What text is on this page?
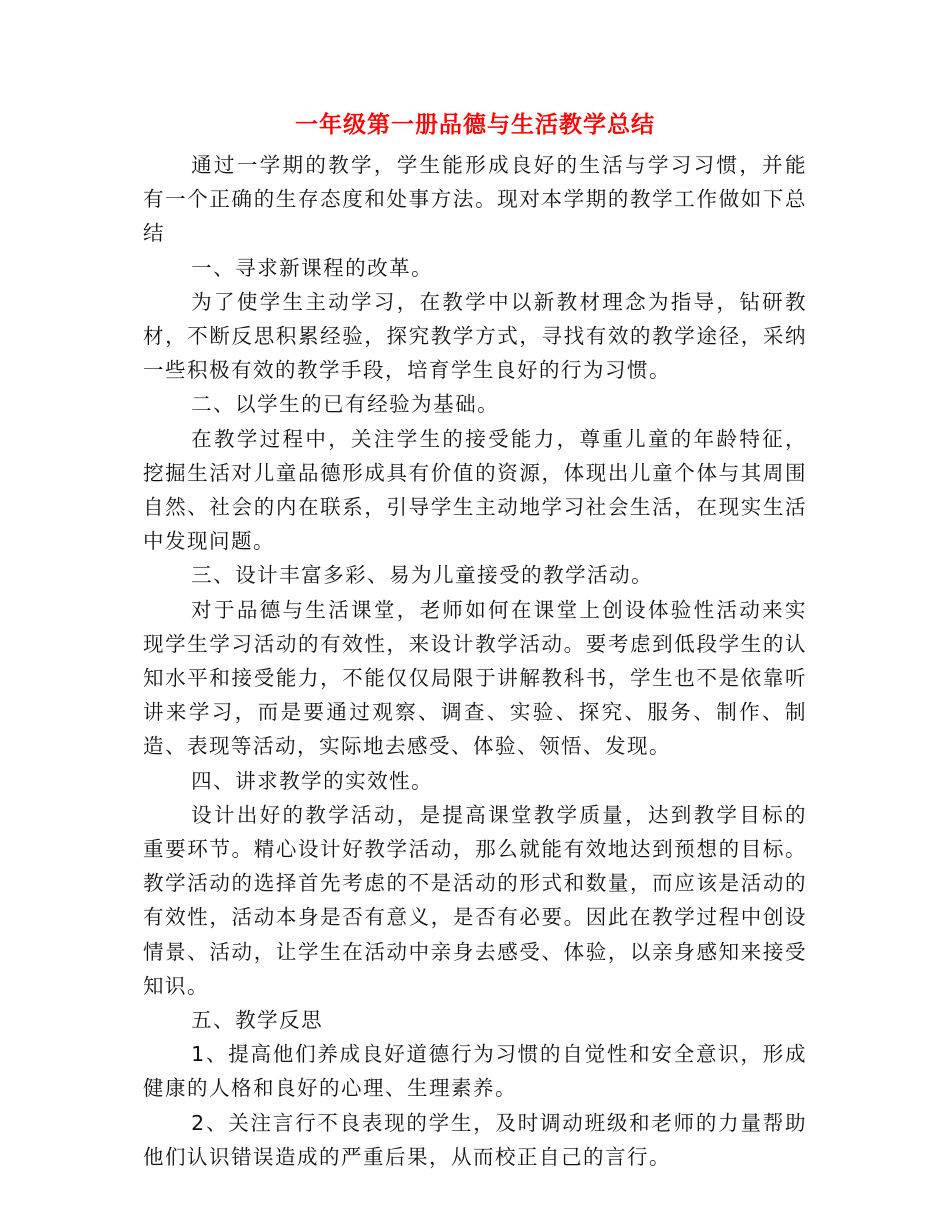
一年级第一册品德与生活教学总结

通过一学期的教学，学生能形成良好的生活与学习习惯，并能有一个正确的生存态度和处事方法。现对本学期的教学工作做如下总结

一、寻求新课程的改革。

为了使学生主动学习，在教学中以新教材理念为指导，钻研教材，不断反思积累经验，探究教学方式，寻找有效的教学途径，采纳一些积极有效的教学手段，培育学生良好的行为习惯。

二、以学生的已有经验为基础。

在教学过程中，关注学生的接受能力，尊重儿童的年龄特征，挖掘生活对儿童品德形成具有价值的资源，体现出儿童个体与其周围自然、社会的内在联系，引导学生主动地学习社会生活，在现实生活中发现问题。

三、设计丰富多彩、易为儿童接受的教学活动。

对于品德与生活课堂，老师如何在课堂上创设体验性活动来实现学生学习活动的有效性，来设计教学活动。要考虑到低段学生的认知水平和接受能力，不能仅仅局限于讲解教科书，学生也不是依靠听讲来学习，而是要通过观察、调查、实验、探究、服务、制作、制造、表现等活动，实际地去感受、体验、领悟、发现。

四、讲求教学的实效性。

设计出好的教学活动，是提高课堂教学质量，达到教学目标的重要环节。精心设计好教学活动，那么就能有效地达到预想的目标。教学活动的选择首先考虑的不是活动的形式和数量，而应该是活动的有效性，活动本身是否有意义，是否有必要。因此在教学过程中创设情景、活动，让学生在活动中亲身去感受、体验，以亲身感知来接受知识。

五、教学反思

1、提高他们养成良好道德行为习惯的自觉性和安全意识，形成健康的人格和良好的心理、生理素养。

2、关注言行不良表现的学生，及时调动班级和老师的力量帮助他们认识错误造成的严重后果，从而校正自己的言行。
